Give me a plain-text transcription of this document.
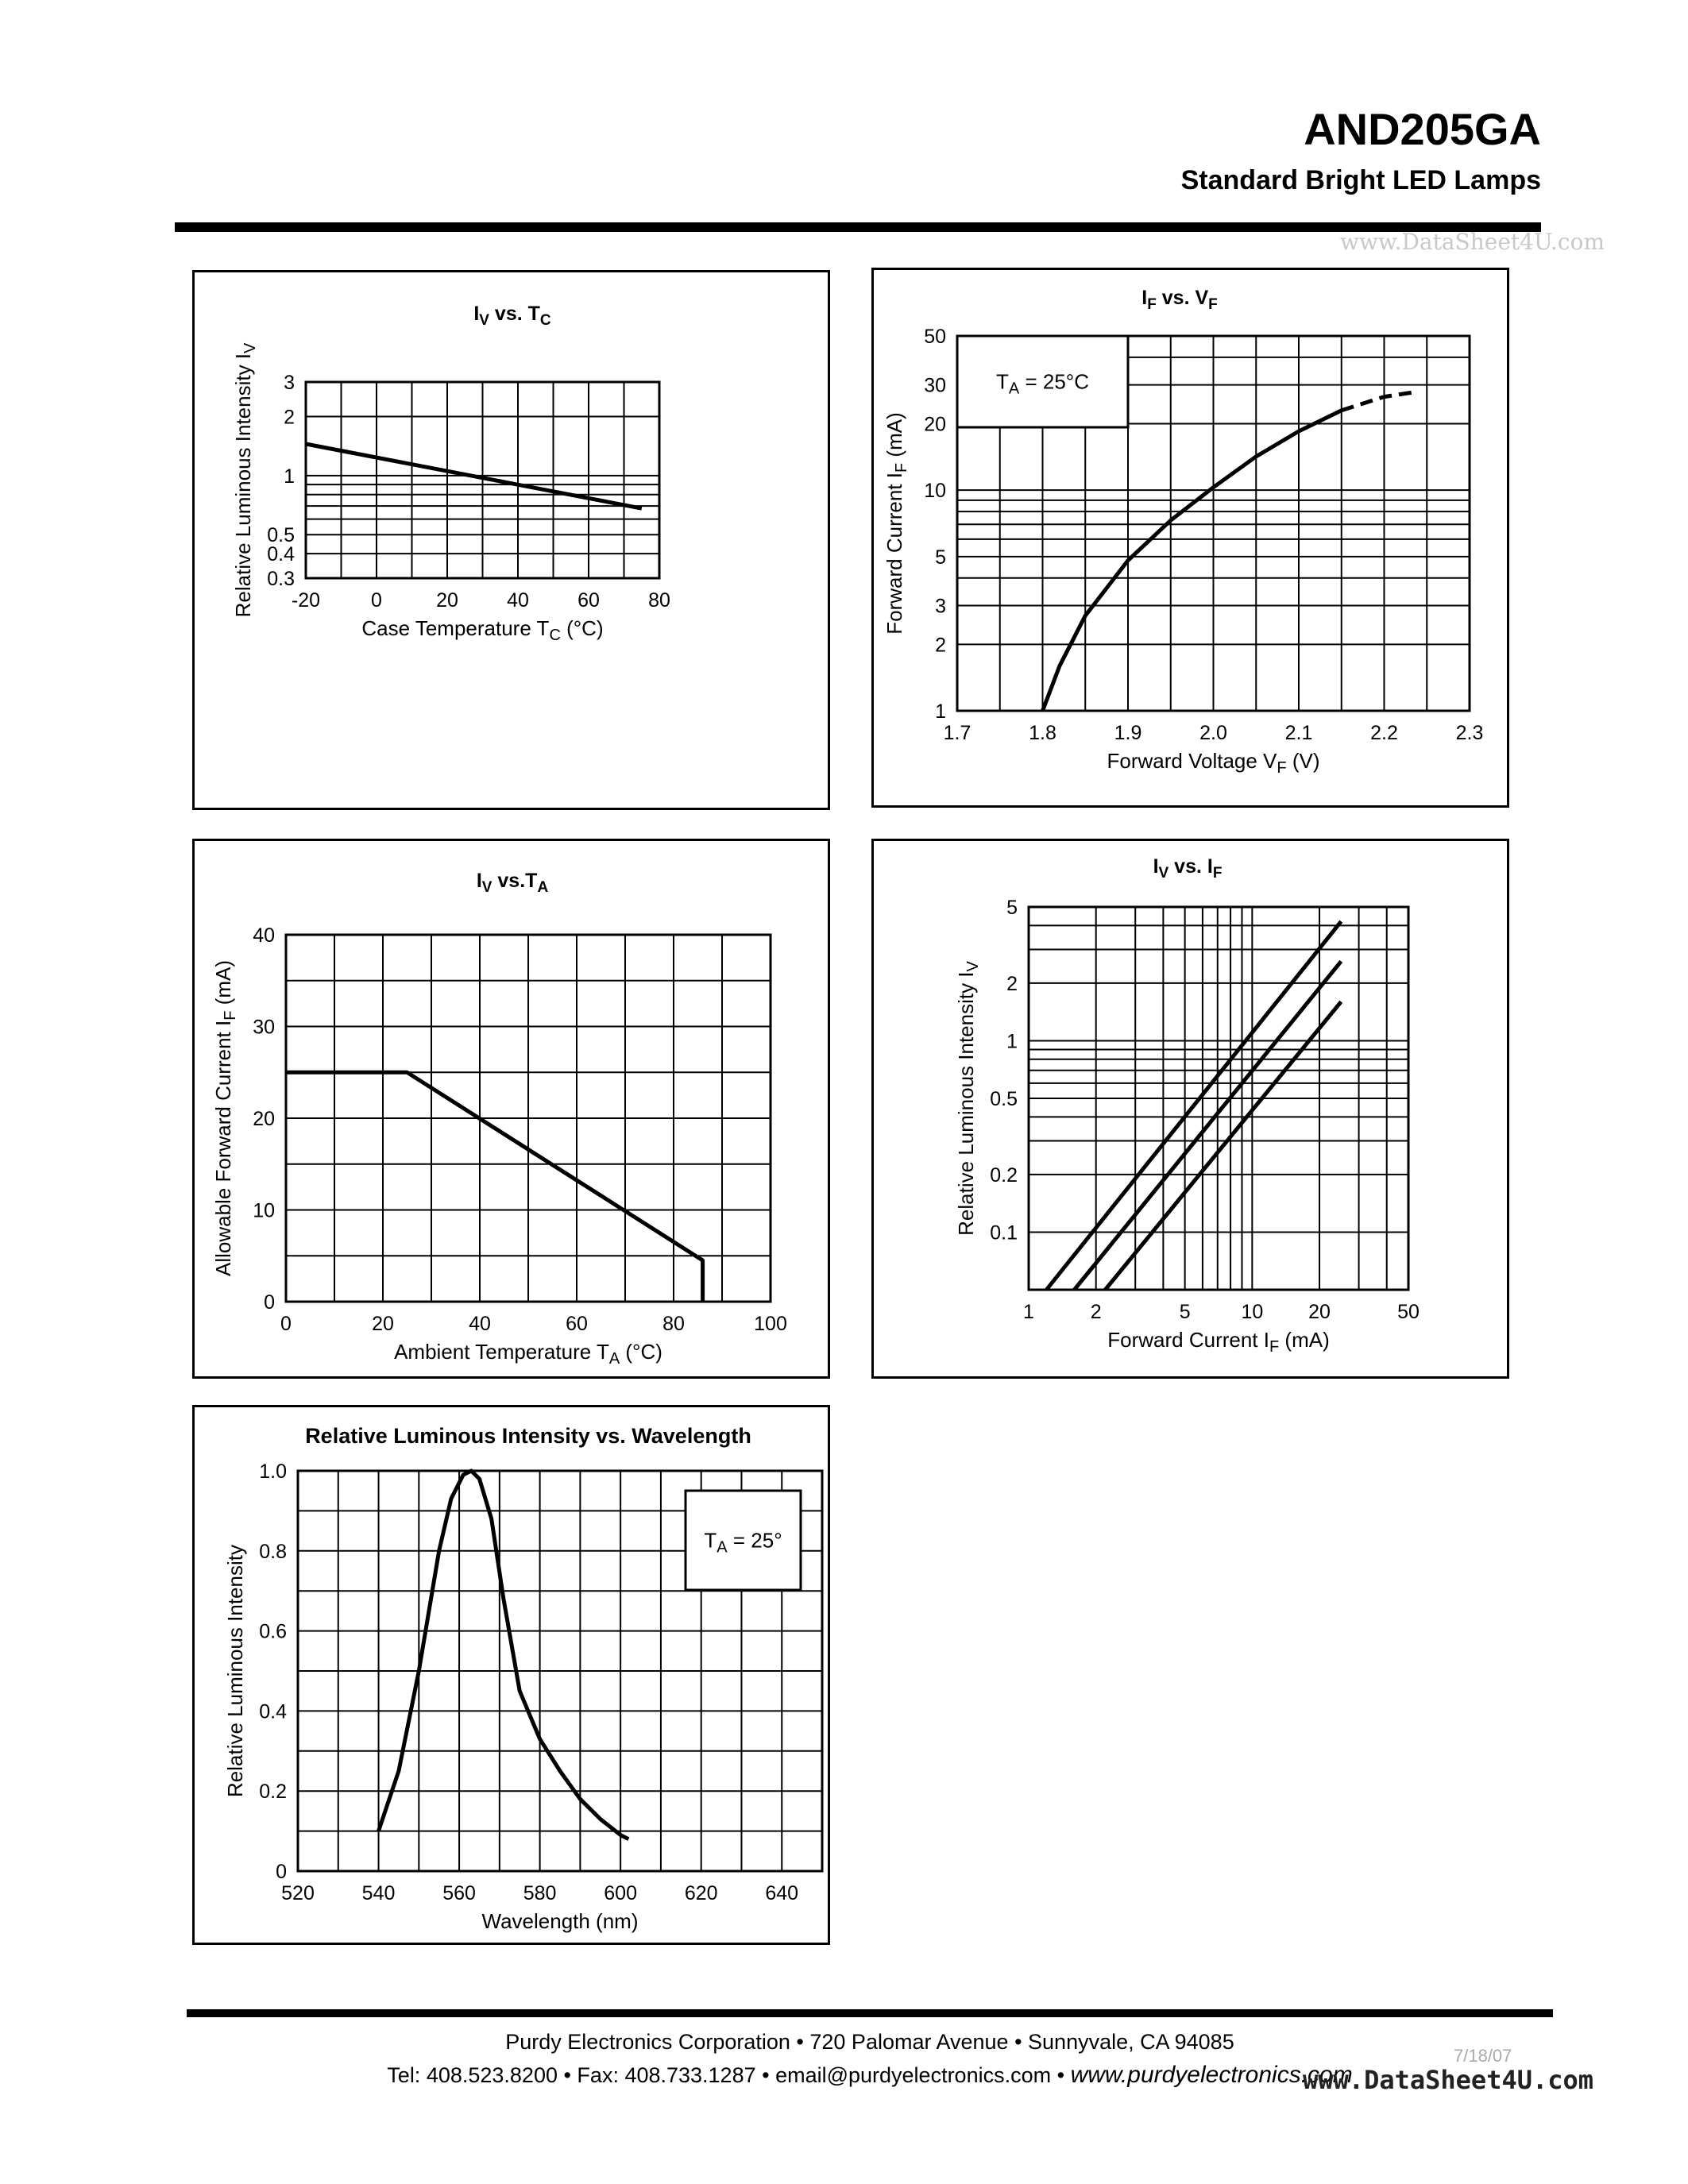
AND205GA
Standard Bright LED Lamps
www.DataSheet4U.com
-20	0	20 40 60 80
0.3
0.4
0.5
1
2
3
$I_V$ vs. $T_C$
Case Temperature $T_C$ (°C)
Relative Luminous Intensity $I_V$
1.7	1.8	1.9	2.0	2.1	2.2	2.3
1
2
3
5
10
20
30
50
$I_F$ vs. $V_F$
Forward Voltage $V_F$ (V)
Forward Current $I_F$ (mA)
$T_A = 25^\circ C$
0	20	40	60	80	100
0
10
20
30
40
$I_V$ $vs.T_A$
Ambient Temperature $T_A$ (°C)
Allowable Forward Current $I_F$ (mA)
1	2	5	10 20	50
0.1
0.2
0.5
1
2
5
$I_V$ vs. $I_F$
Forward Current $I_F$ (mA)
Relative Luminous Intensity $I_V$
520 540 560 580 600 620 640
0
0.2
0.4
0.6
0.8
1.0
Relative Luminous Intensity vs. Wavelength
Wavelength (nm)
Relative Luminous Intensity
$T_A = 25^\circ$
Purdy Electronics Corporation • 720 Palomar Avenue • Sunnyvale, CA 94085
Tel: 408.523.8200 • Fax: 408.733.1287 • email@purdyelectronics.com • www.purdyelectronics.com
7/18/07
www.DataSheet4U.com
